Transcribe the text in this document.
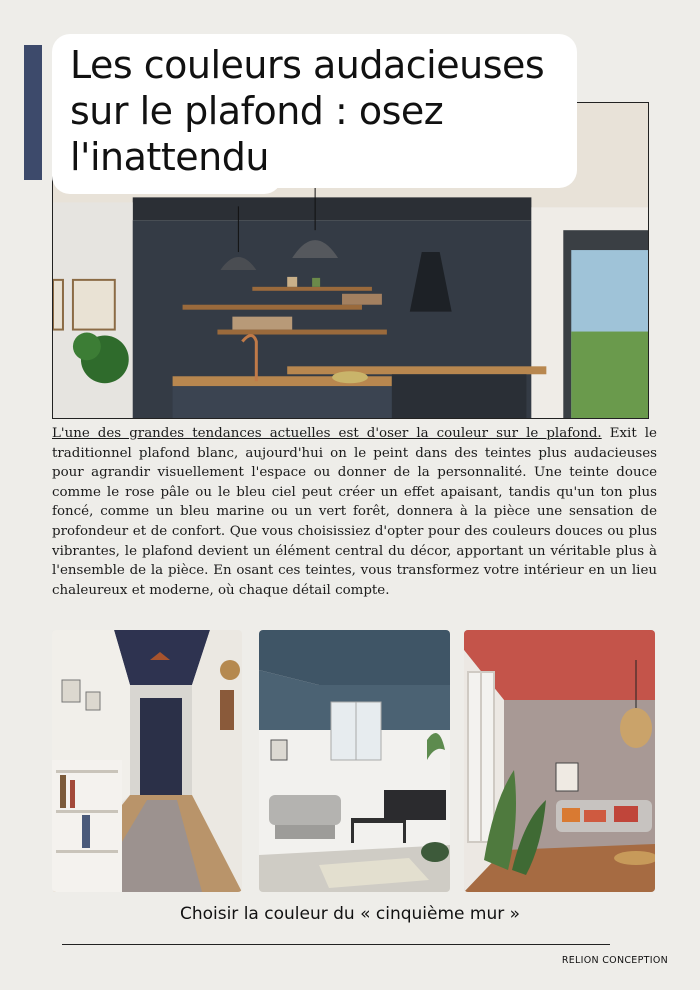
Les couleurs audacieuses sur le plafond : osez l'inattendu

L'une des grandes tendances actuelles est d'oser la couleur sur le plafond. Exit le traditionnel plafond blanc, aujourd'hui on le peint dans des teintes plus audacieuses pour agrandir visuellement l'espace ou donner de la personnalité. Une teinte douce comme le rose pâle ou le bleu ciel peut créer un effet apaisant, tandis qu'un ton plus foncé, comme un bleu marine ou un vert forêt, donnera à la pièce une sensation de profondeur et de confort. Que vous choisissiez d'opter pour des couleurs douces ou plus vibrantes, le plafond devient un élément central du décor, apportant un véritable plus à l'ensemble de la pièce. En osant ces teintes, vous transformez votre intérieur en un lieu chaleureux et moderne, où chaque détail compte.

Choisir la couleur du « cinquième mur »

RELION CONCEPTION
